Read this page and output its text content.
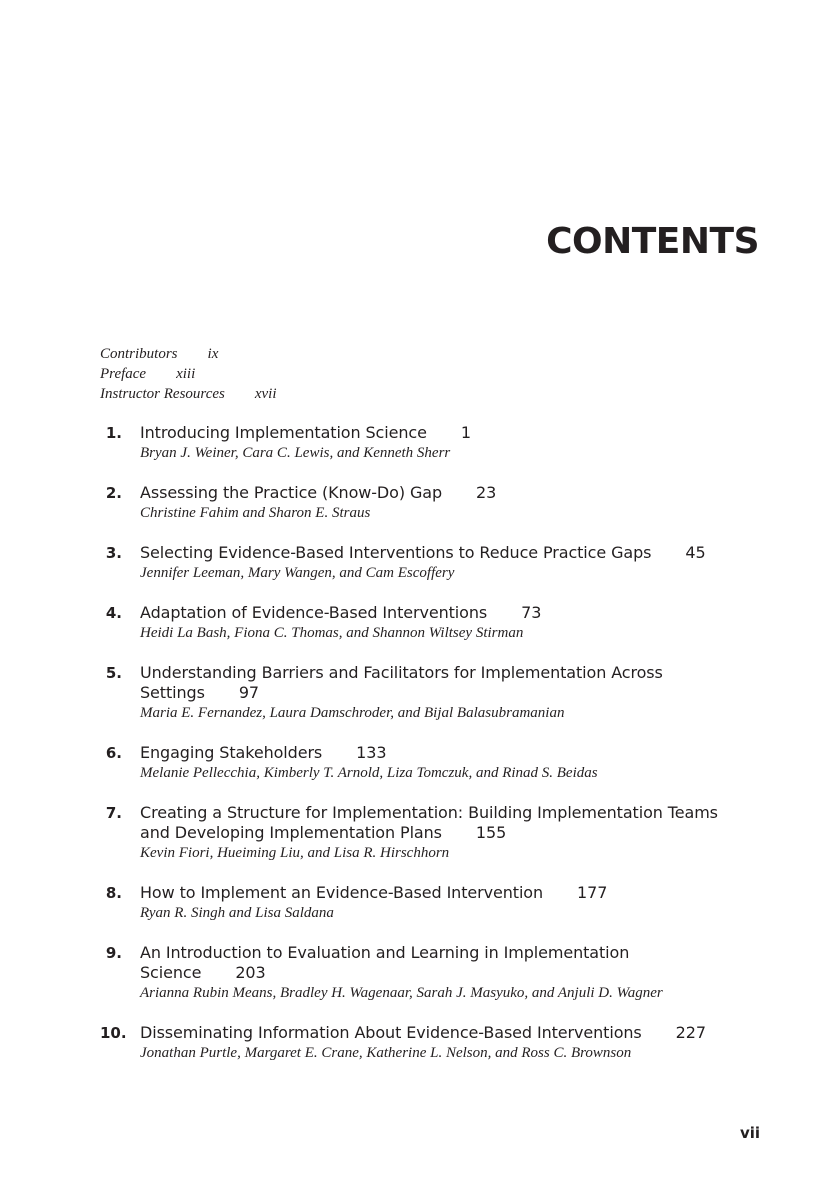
CONTENTS
Contributors ix
Preface xiii
Instructor Resources xvii
1. Introducing Implementation Science 1
Bryan J. Weiner, Cara C. Lewis, and Kenneth Sherr
2. Assessing the Practice (Know-Do) Gap 23
Christine Fahim and Sharon E. Straus
3. Selecting Evidence-Based Interventions to Reduce Practice Gaps 45
Jennifer Leeman, Mary Wangen, and Cam Escoffery
4. Adaptation of Evidence-Based Interventions 73
Heidi La Bash, Fiona C. Thomas, and Shannon Wiltsey Stirman
5. Understanding Barriers and Facilitators for Implementation Across Settings 97
Maria E. Fernandez, Laura Damschroder, and Bijal Balasubramanian
6. Engaging Stakeholders 133
Melanie Pellecchia, Kimberly T. Arnold, Liza Tomczuk, and Rinad S. Beidas
7. Creating a Structure for Implementation: Building Implementation Teams and Developing Implementation Plans 155
Kevin Fiori, Hueiming Liu, and Lisa R. Hirschhorn
8. How to Implement an Evidence-Based Intervention 177
Ryan R. Singh and Lisa Saldana
9. An Introduction to Evaluation and Learning in Implementation Science 203
Arianna Rubin Means, Bradley H. Wagenaar, Sarah J. Masyuko, and Anjuli D. Wagner
10. Disseminating Information About Evidence-Based Interventions 227
Jonathan Purtle, Margaret E. Crane, Katherine L. Nelson, and Ross C. Brownson
vii
